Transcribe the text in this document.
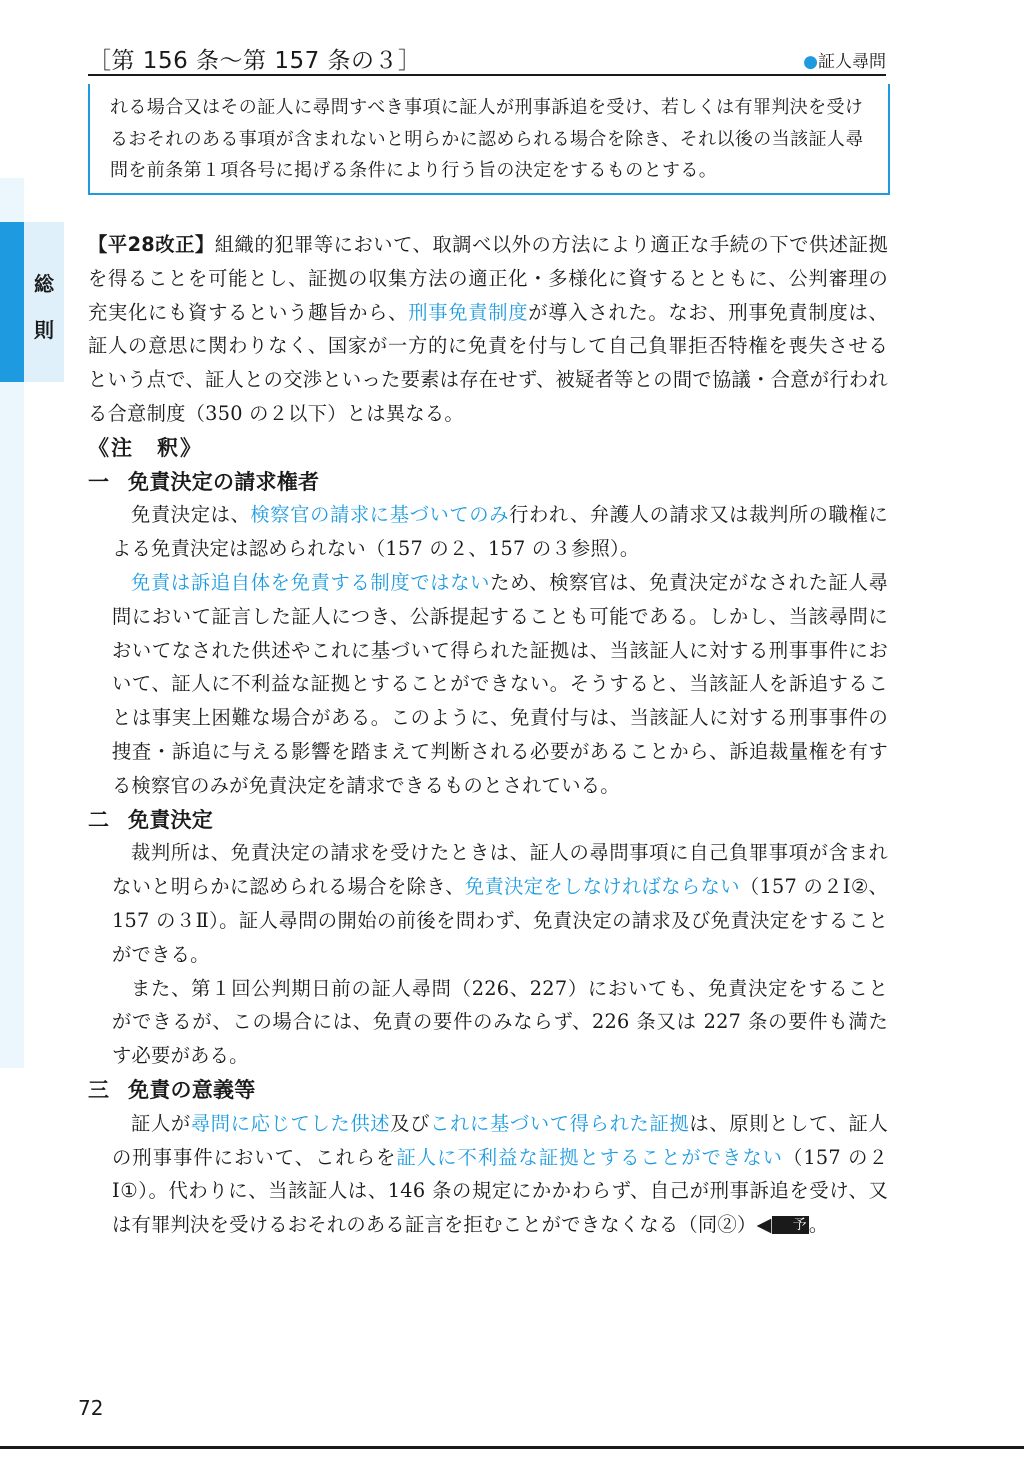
［第 156 条～第 157 条の３］	●証人尋問
総
則
れる場合又はその証人に尋問すべき事項に証人が刑事訴追を受け、若しくは有罪判決を受けるおそれのある事項が含まれないと明らかに認められる場合を除き、それ以後の当該証人尋問を前条第１項各号に掲げる条件により行う旨の決定をするものとする。

【平28改正】組織的犯罪等において、取調べ以外の方法により適正な手続の下で供述証拠を得ることを可能とし、証拠の収集方法の適正化・多様化に資するとともに、公判審理の充実化にも資するという趣旨から、刑事免責制度が導入された。なお、刑事免責制度は、証人の意思に関わりなく、国家が一方的に免責を付与して自己負罪拒否特権を喪失させるという点で、証人との交渉といった要素は存在せず、被疑者等との間で協議・合意が行われる合意制度（350 の２以下）とは異なる。

《注　釈》

一 免責決定の請求権者

免責決定は、検察官の請求に基づいてのみ行われ、弁護人の請求又は裁判所の職権による免責決定は認められない（157 の２、157 の３参照）。

免責は訴追自体を免責する制度ではないため、検察官は、免責決定がなされた証人尋問において証言した証人につき、公訴提起することも可能である。しかし、当該尋問においてなされた供述やこれに基づいて得られた証拠は、当該証人に対する刑事事件において、証人に不利益な証拠とすることができない。そうすると、当該証人を訴追することは事実上困難な場合がある。このように、免責付与は、当該証人に対する刑事事件の捜査・訴追に与える影響を踏まえて判断される必要があることから、訴追裁量権を有する検察官のみが免責決定を請求できるものとされている。

二 免責決定

裁判所は、免責決定の請求を受けたときは、証人の尋問事項に自己負罪事項が含まれないと明らかに認められる場合を除き、免責決定をしなければならない（157 の２Ⅰ②、157 の３Ⅱ）。証人尋問の開始の前後を問わず、免責決定の請求及び免責決定をすることができる。

また、第１回公判期日前の証人尋問（226、227）においても、免責決定をすることができるが、この場合には、免責の要件のみならず、226 条又は 227 条の要件も満たす必要がある。

三 免責の意義等

証人が尋問に応じてした供述及びこれに基づいて得られた証拠は、原則として、証人の刑事事件において、これらを証人に不利益な証拠とすることができない（157 の２Ⅰ①）。代わりに、当該証人は、146 条の規定にかかわらず、自己が刑事訴追を受け、又は有罪判決を受けるおそれのある証言を拒むことができなくなる（同②）◀ 予 。

72
